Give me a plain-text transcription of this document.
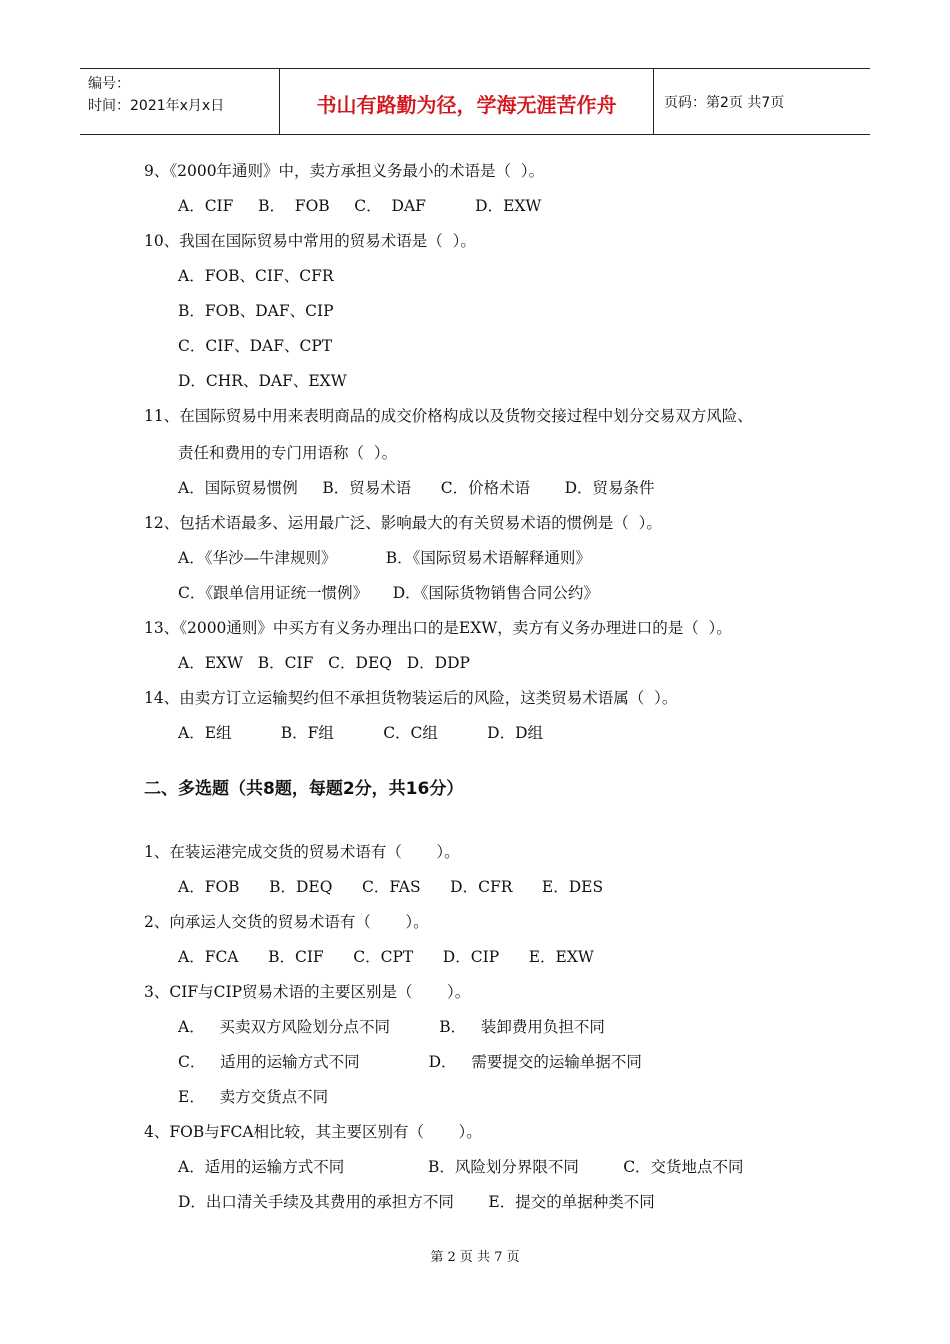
编号：
时间：2021年x月x日	书山有路勤为径，学海无涯苦作舟	页码：第2页 共7页
9、《2000年通则》中，卖方承担义务最小的术语是（  ）。
A．CIF     B．  FOB     C．  DAF          D．EXW
10、我国在国际贸易中常用的贸易术语是（  ）。
A．FOB、CIF、CFR
B．FOB、DAF、CIP
C．CIF、DAF、CPT
D．CHR、DAF、EXW
11、在国际贸易中用来表明商品的成交价格构成以及货物交接过程中划分交易双方风险、
责任和费用的专门用语称（  ）。
A．国际贸易惯例     B．贸易术语      C．价格术语       D．贸易条件
12、包括术语最多、运用最广泛、影响最大的有关贸易术语的惯例是（  ）。
A．《华沙—牛津规则》          B．《国际贸易术语解释通则》
C．《跟单信用证统一惯例》     D．《国际货物销售合同公约》
13、《2000通则》中买方有义务办理出口的是EXW，卖方有义务办理进口的是（  ）。
A．EXW   B．CIF   C．DEQ   D．DDP
14、由卖方订立运输契约但不承担货物装运后的风险，这类贸易术语属（  ）。
A．E组          B．F组          C．C组          D．D组
二、多选题（共8题，每题2分，共16分）
1、在装运港完成交货的贸易术语有（       ）。
A．FOB      B．DEQ      C．FAS      D．CFR      E．DES
2、向承运人交货的贸易术语有（       ）。
A．FCA      B．CIF      C．CPT      D．CIP      E．EXW
3、CIF与CIP贸易术语的主要区别是（       ）。
A．   买卖双方风险划分点不同          B．   装卸费用负担不同
C．   适用的运输方式不同              D．   需要提交的运输单据不同
E．   卖方交货点不同
4、FOB与FCA相比较，其主要区别有（       ）。
A．适用的运输方式不同                 B．风险划分界限不同         C．交货地点不同
D．出口清关手续及其费用的承担方不同       E．提交的单据种类不同
第 2 页 共 7 页
